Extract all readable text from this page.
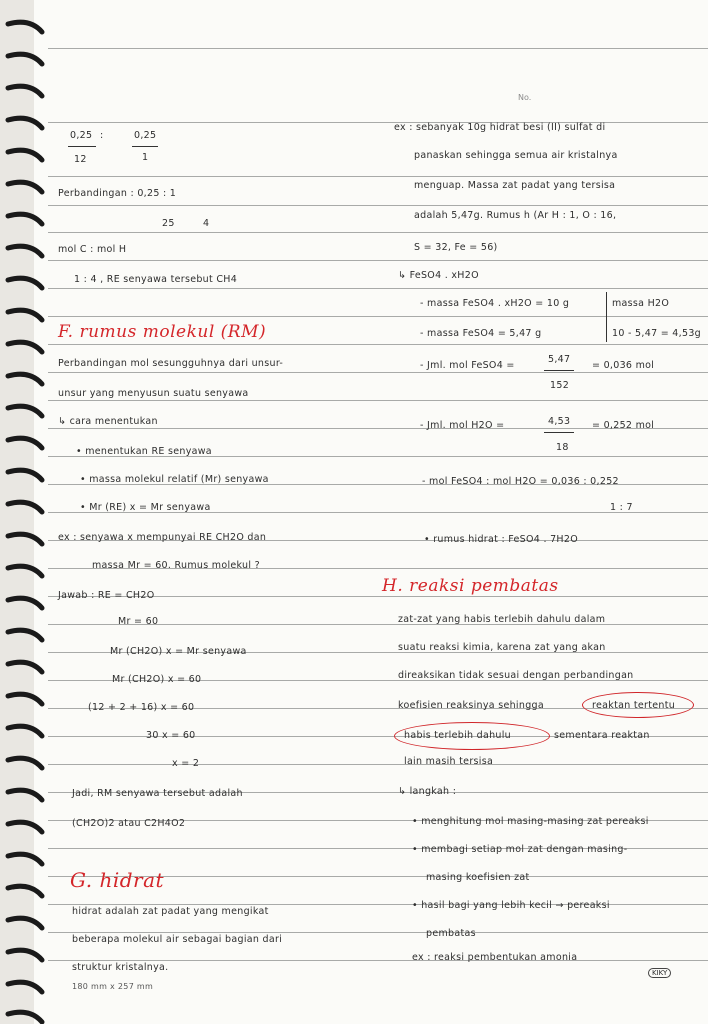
No.
0,25 :	0,25
12	1
Perbandingan : 0,25 : 1
25	4
mol C : mol H
1 : 4 , RE senyawa tersebut CH4
F. rumus molekul (RM)
Perbandingan mol sesungguhnya dari unsur-
unsur yang menyusun suatu senyawa
↳ cara menentukan
• menentukan RE senyawa
• massa molekul relatif (Mr) senyawa
• Mr (RE) x = Mr senyawa
ex : senyawa x mempunyai RE CH2O dan
massa Mr = 60. Rumus molekul ?
Jawab : RE = CH2O
Mr = 60
Mr (CH2O) x = Mr senyawa
Mr (CH2O) x = 60
(12 + 2 + 16) x = 60
30 x = 60
x = 2
Jadi, RM senyawa tersebut adalah
(CH2O)2 atau C2H4O2
G. hidrat
hidrat adalah zat padat yang mengikat
beberapa molekul air sebagai bagian dari
struktur kristalnya.
ex : sebanyak 10g hidrat besi (II) sulfat di
panaskan sehingga semua air kristalnya
menguap. Massa zat padat yang tersisa
adalah 5,47g. Rumus h (Ar H : 1, O : 16,
S = 32, Fe = 56)
↳ FeSO4 . xH2O
- massa FeSO4 . xH2O = 10 g	massa H2O
- massa FeSO4 = 5,47 g	10 - 5,47 = 4,53g
- Jml. mol FeSO4 =
5,47
152
= 0,036 mol
- Jml. mol H2O =	4,53
18
= 0,252 mol
- mol FeSO4 : mol H2O = 0,036 : 0,252
1 : 7
• rumus hidrat : FeSO4 . 7H2O
H. reaksi pembatas
zat-zat yang habis terlebih dahulu dalam
suatu reaksi kimia, karena zat yang akan
direaksikan tidak sesuai dengan perbandingan
koefisien reaksinya sehingga	reaktan tertentu
habis terlebih dahulu	sementara reaktan
lain masih tersisa
↳ langkah :
• menghitung mol masing-masing zat pereaksi
• membagi setiap mol zat dengan masing-
masing koefisien zat
• hasil bagi yang lebih kecil → pereaksi
pembatas
ex : reaksi pembentukan amonia
180 mm x 257 mm
KIKY
